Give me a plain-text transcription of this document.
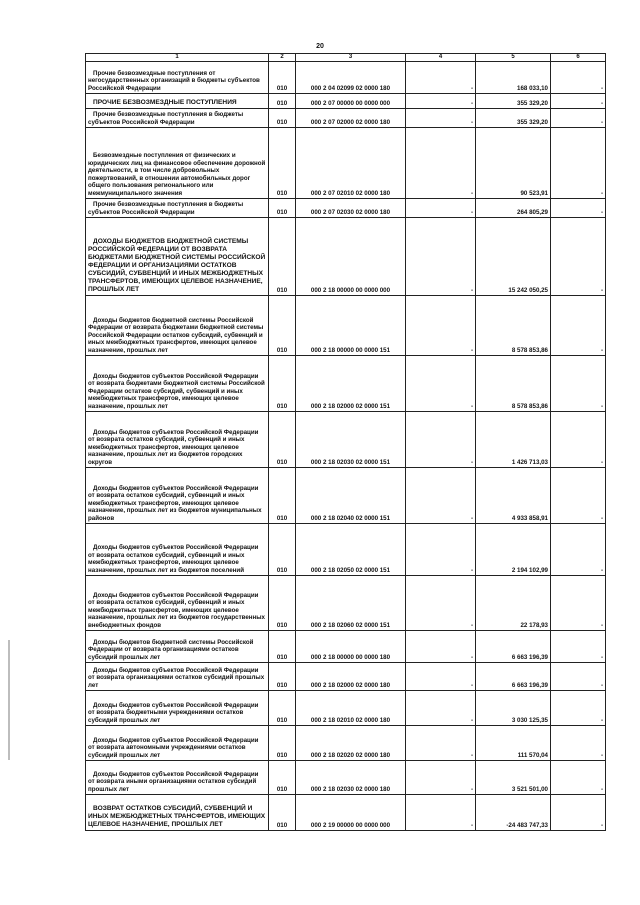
20
1	2	3	4	5	6

Прочие безвозмездные поступления от негосударственных организаций в бюджеты субъектов Российской Федерации	010	000 2 04 02099 02 0000 180	-	168 033,10	-

ПРОЧИЕ БЕЗВОЗМЕЗДНЫЕ ПОСТУПЛЕНИЯ	010	000 2 07 00000 00 0000 000	-	355 329,20	-

Прочие безвозмездные поступления в бюджеты субъектов Российской Федерации	010	000 2 07 02000 02 0000 180	-	355 329,20	-

Безвозмездные поступления от физических и юридических лиц на финансовое обеспечение дорожной деятельности, в том числе добровольных пожертвований, в отношении автомобильных дорог общего пользования регионального или межмуниципального значения	010	000 2 07 02010 02 0000 180	-	90 523,91	-

Прочие безвозмездные поступления в бюджеты субъектов Российской Федерации	010	000 2 07 02030 02 0000 180	-	264 805,29	-

ДОХОДЫ БЮДЖЕТОВ БЮДЖЕТНОЙ СИСТЕМЫ РОССИЙСКОЙ ФЕДЕРАЦИИ ОТ ВОЗВРАТА БЮДЖЕТАМИ БЮДЖЕТНОЙ СИСТЕМЫ РОССИЙСКОЙ ФЕДЕРАЦИИ И ОРГАНИЗАЦИЯМИ ОСТАТКОВ СУБСИДИЙ, СУБВЕНЦИЙ И ИНЫХ МЕЖБЮДЖЕТНЫХ ТРАНСФЕРТОВ, ИМЕЮЩИХ ЦЕЛЕВОЕ НАЗНАЧЕНИЕ, ПРОШЛЫХ ЛЕТ	010	000 2 18 00000 00 0000 000	-	15 242 050,25	-

Доходы бюджетов бюджетной системы Российской Федерации от возврата бюджетами бюджетной системы Российской Федерации остатков субсидий, субвенций и иных межбюджетных трансфертов, имеющих целевое назначение, прошлых лет	010	000 2 18 00000 00 0000 151	-	8 578 853,86	-

Доходы бюджетов субъектов Российской Федерации от возврата бюджетами бюджетной системы Российской Федерации остатков субсидий, субвенций и иных межбюджетных трансфертов, имеющих целевое назначение, прошлых лет	010	000 2 18 02000 02 0000 151	-	8 578 853,86	-

Доходы бюджетов субъектов Российской Федерации от возврата остатков субсидий, субвенций и иных межбюджетных трансфертов, имеющих целевое назначение, прошлых лет из бюджетов городских округов	010	000 2 18 02030 02 0000 151	-	1 426 713,03	-

Доходы бюджетов субъектов Российской Федерации от возврата остатков субсидий, субвенций и иных межбюджетных трансфертов, имеющих целевое назначение, прошлых лет из бюджетов муниципальных районов	010	000 2 18 02040 02 0000 151	-	4 933 858,91	-

Доходы бюджетов субъектов Российской Федерации от возврата остатков субсидий, субвенций и иных межбюджетных трансфертов, имеющих целевое назначение, прошлых лет из бюджетов поселений	010	000 2 18 02050 02 0000 151	-	2 194 102,99	-

Доходы бюджетов субъектов Российской Федерации от возврата остатков субсидий, субвенций и иных межбюджетных трансфертов, имеющих целевое назначение, прошлых лет из бюджетов государственных внебюджетных фондов	010	000 2 18 02060 02 0000 151	-	22 178,93	-

Доходы бюджетов бюджетной системы Российской Федерации от возврата организациями остатков субсидий прошлых лет	010	000 2 18 00000 00 0000 180	-	6 663 196,39	-

Доходы бюджетов субъектов Российской Федерации от возврата организациями остатков субсидий прошлых лет	010	000 2 18 02000 02 0000 180	-	6 663 196,39	-

Доходы бюджетов субъектов Российской Федерации от возврата бюджетными учреждениями остатков субсидий прошлых лет	010	000 2 18 02010 02 0000 180	-	3 030 125,35	-

Доходы бюджетов субъектов Российской Федерации от возврата автономными учреждениями остатков субсидий прошлых лет	010	000 2 18 02020 02 0000 180	-	111 570,04	-

Доходы бюджетов субъектов Российской Федерации от возврата иными организациями остатков субсидий прошлых лет	010	000 2 18 02030 02 0000 180	-	3 521 501,00	-

ВОЗВРАТ ОСТАТКОВ СУБСИДИЙ, СУБВЕНЦИЙ И ИНЫХ МЕЖБЮДЖЕТНЫХ ТРАНСФЕРТОВ, ИМЕЮЩИХ ЦЕЛЕВОЕ НАЗНАЧЕНИЕ, ПРОШЛЫХ ЛЕТ	010	000 2 19 00000 00 0000 000	-	-24 483 747,33	-
